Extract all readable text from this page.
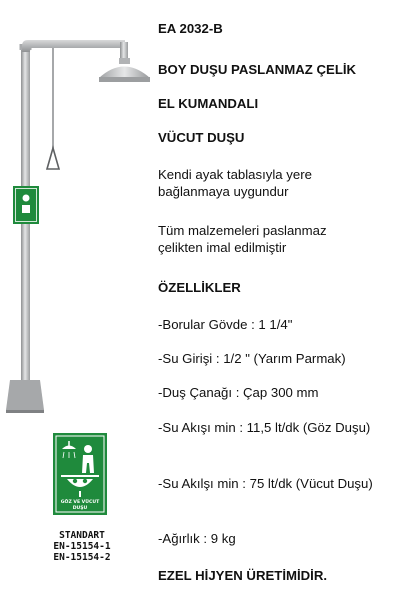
GÖZ VE VÜCUT
DUŞU

STANDART

EN-15154-1

EN-15154-2

EA 2032-B

BOY DUŞU PASLANMAZ ÇELİK

EL KUMANDALI

VÜCUT DUŞU

Kendi ayak tablasıyla yere bağlanmaya uygundur

Tüm malzemeleri paslanmaz çelikten imal edilmiştir

ÖZELLİKLER

-Borular Gövde : 1 1/4"

-Su Girişi : 1/2 " (Yarım Parmak)

-Duş Çanağı : Çap 300 mm

-Su Akışı min : 11,5 lt/dk (Göz Duşu)

-Su Akılşı min : 75 lt/dk (Vücut Duşu)

-Ağırlık : 9 kg

EZEL HİJYEN ÜRETİMİDİR.
